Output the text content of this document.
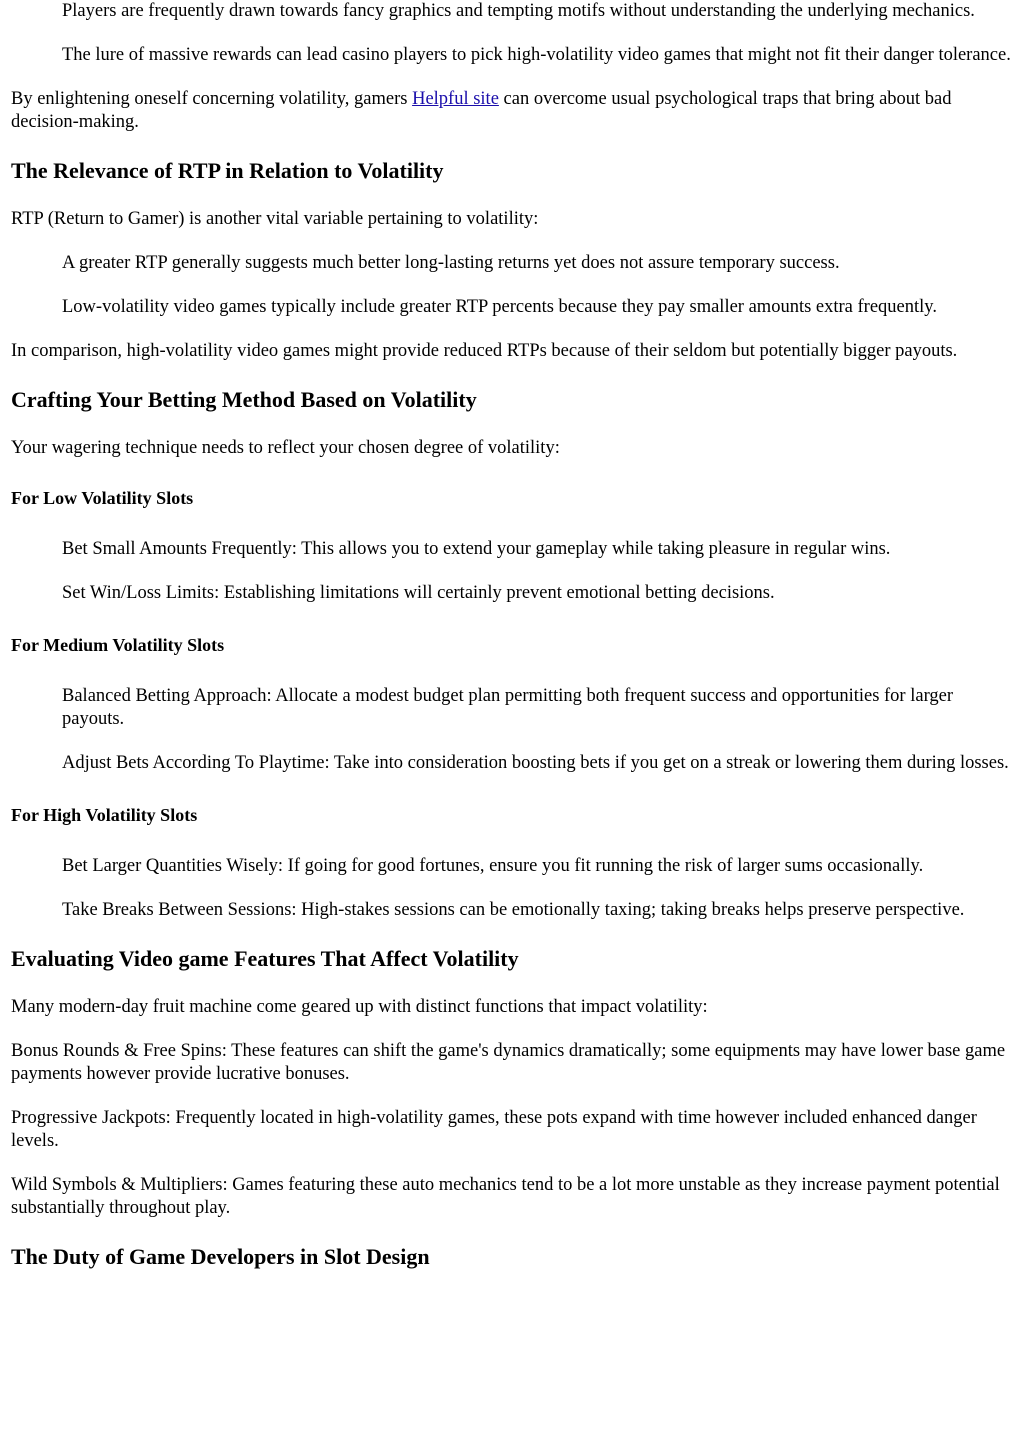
Players are frequently drawn towards fancy graphics and tempting motifs without understanding the underlying mechanics.

The lure of massive rewards can lead casino players to pick high-volatility video games that might not fit their danger tolerance.

By enlightening oneself concerning volatility, gamers Helpful site can overcome usual psychological traps that bring about bad decision-making.

The Relevance of RTP in Relation to Volatility

RTP (Return to Gamer) is another vital variable pertaining to volatility:

A greater RTP generally suggests much better long-lasting returns yet does not assure temporary success.

Low-volatility video games typically include greater RTP percents because they pay smaller amounts extra frequently.

In comparison, high-volatility video games might provide reduced RTPs because of their seldom but potentially bigger payouts.

Crafting Your Betting Method Based on Volatility

Your wagering technique needs to reflect your chosen degree of volatility:

For Low Volatility Slots

Bet Small Amounts Frequently: This allows you to extend your gameplay while taking pleasure in regular wins.

Set Win/Loss Limits: Establishing limitations will certainly prevent emotional betting decisions.

For Medium Volatility Slots

Balanced Betting Approach: Allocate a modest budget plan permitting both frequent success and opportunities for larger payouts.

Adjust Bets According To Playtime: Take into consideration boosting bets if you get on a streak or lowering them during losses.

For High Volatility Slots

Bet Larger Quantities Wisely: If going for good fortunes, ensure you fit running the risk of larger sums occasionally.

Take Breaks Between Sessions: High-stakes sessions can be emotionally taxing; taking breaks helps preserve perspective.

Evaluating Video game Features That Affect Volatility

Many modern-day fruit machine come geared up with distinct functions that impact volatility:

Bonus Rounds & Free Spins: These features can shift the game's dynamics dramatically; some equipments may have lower base game payments however provide lucrative bonuses.

Progressive Jackpots: Frequently located in high-volatility games, these pots expand with time however included enhanced danger levels.

Wild Symbols & Multipliers: Games featuring these auto mechanics tend to be a lot more unstable as they increase payment potential substantially throughout play.

The Duty of Game Developers in Slot Design
